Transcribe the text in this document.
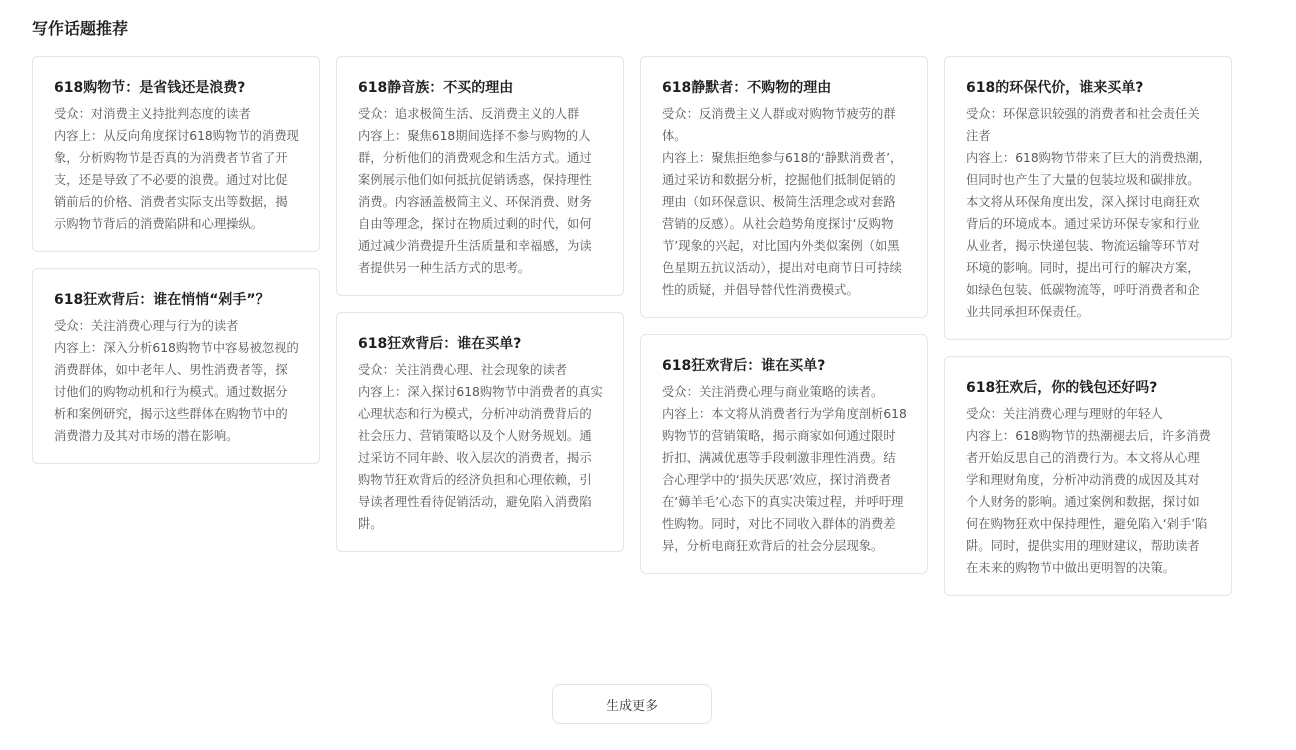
写作话题推荐
618购物节：是省钱还是浪费?
受众：对消费主义持批判态度的读者
内容上：从反向角度探讨618购物节的消费现象，分析购物节是否真的为消费者节省了开支，还是导致了不必要的浪费。通过对比促销前后的价格、消费者实际支出等数据，揭示购物节背后的消费陷阱和心理操纵。
618狂欢背后：谁在悄悄“剁手”？
受众：关注消费心理与行为的读者
内容上：深入分析618购物节中容易被忽视的消费群体，如中老年人、男性消费者等，探讨他们的购物动机和行为模式。通过数据分析和案例研究，揭示这些群体在购物节中的消费潜力及其对市场的潜在影响。
618静音族：不买的理由
受众：追求极简生活、反消费主义的人群
内容上：聚焦618期间选择不参与购物的人群，分析他们的消费观念和生活方式。通过案例展示他们如何抵抗促销诱惑，保持理性消费。内容涵盖极简主义、环保消费、财务自由等理念，探讨在物质过剩的时代，如何通过减少消费提升生活质量和幸福感，为读者提供另一种生活方式的思考。
618狂欢背后：谁在买单?
受众：关注消费心理、社会现象的读者
内容上：深入探讨618购物节中消费者的真实心理状态和行为模式，分析冲动消费背后的社会压力、营销策略以及个人财务规划。通过采访不同年龄、收入层次的消费者，揭示购物节狂欢背后的经济负担和心理依赖，引导读者理性看待促销活动，避免陷入消费陷阱。
618静默者：不购物的理由
受众：反消费主义人群或对购物节疲劳的群体。
内容上：聚焦拒绝参与618的‘静默消费者’，通过采访和数据分析，挖掘他们抵制促销的理由（如环保意识、极简生活理念或对套路营销的反感）。从社会趋势角度探讨‘反购物节’现象的兴起，对比国内外类似案例（如黑色星期五抗议活动），提出对电商节日可持续性的质疑，并倡导替代性消费模式。
618狂欢背后：谁在买单?
受众：关注消费心理与商业策略的读者。
内容上：本文将从消费者行为学角度剖析618购物节的营销策略，揭示商家如何通过限时折扣、满减优惠等手段刺激非理性消费。结合心理学中的‘损失厌恶’效应，探讨消费者在‘薅羊毛’心态下的真实决策过程，并呼吁理性购物。同时，对比不同收入群体的消费差异，分析电商狂欢背后的社会分层现象。
618的环保代价，谁来买单?
受众：环保意识较强的消费者和社会责任关注者
内容上：618购物节带来了巨大的消费热潮，但同时也产生了大量的包装垃圾和碳排放。本文将从环保角度出发，深入探讨电商狂欢背后的环境成本。通过采访环保专家和行业从业者，揭示快递包装、物流运输等环节对环境的影响。同时，提出可行的解决方案，如绿色包装、低碳物流等，呼吁消费者和企业共同承担环保责任。
618狂欢后，你的钱包还好吗?
受众：关注消费心理与理财的年轻人
内容上：618购物节的热潮褪去后，许多消费者开始反思自己的消费行为。本文将从心理学和理财角度，分析冲动消费的成因及其对个人财务的影响。通过案例和数据，探讨如何在购物狂欢中保持理性，避免陷入‘剁手’陷阱。同时，提供实用的理财建议，帮助读者在未来的购物节中做出更明智的决策。
生成更多
